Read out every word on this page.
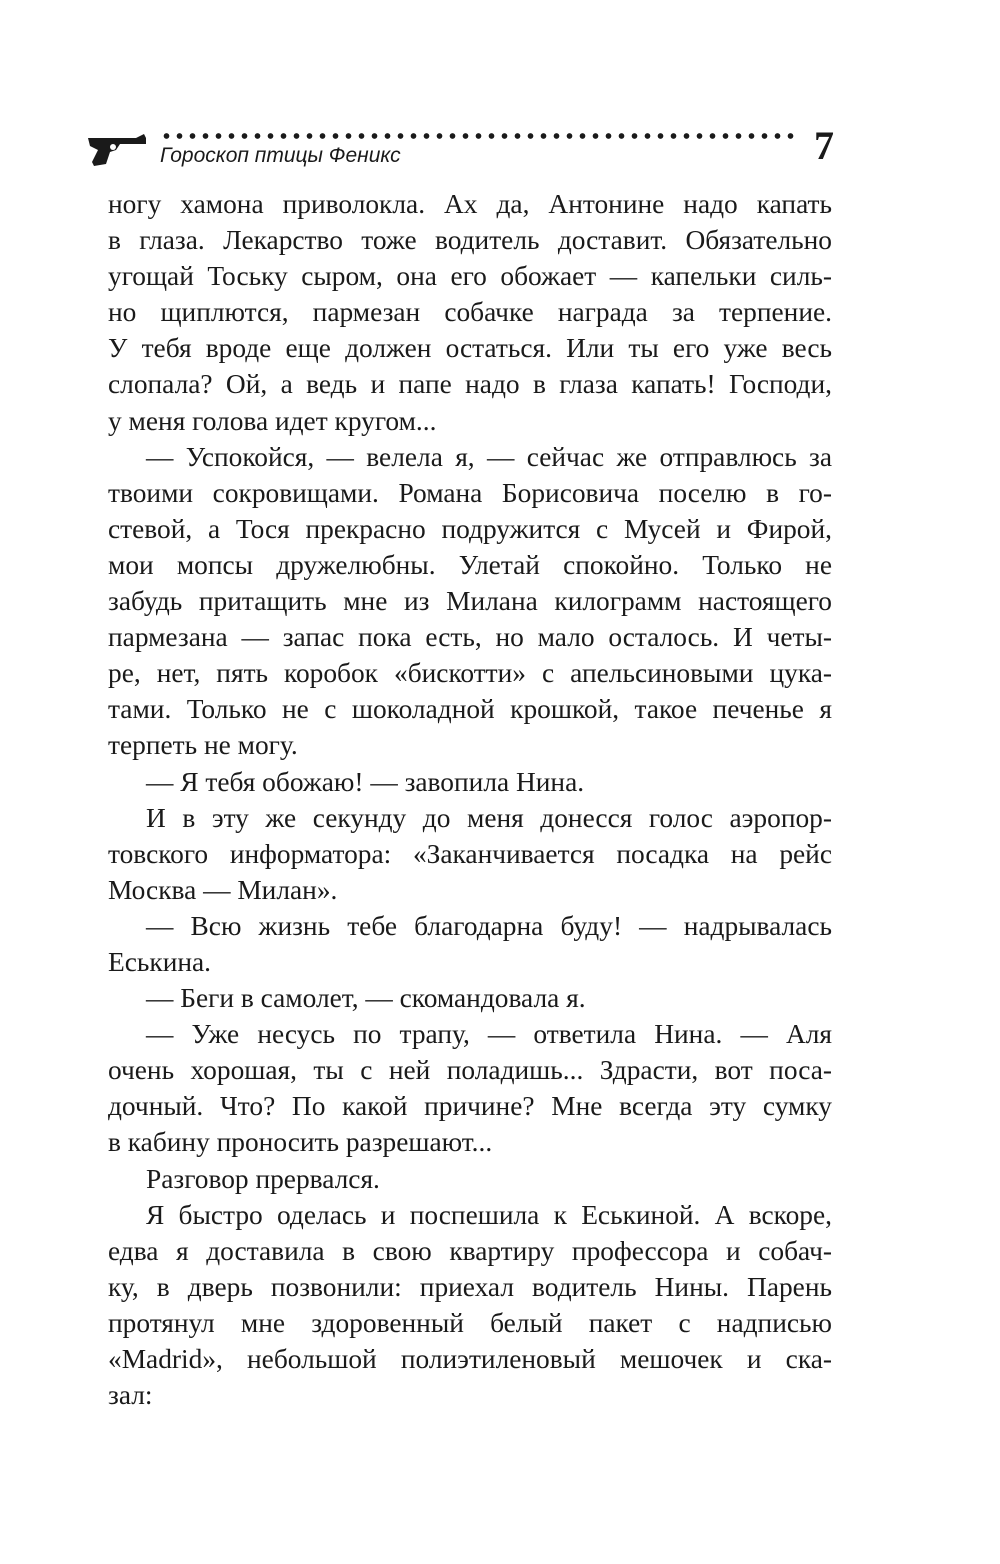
Гороскоп птицы Феникс	7

ногу хамона приволокла. Ах да, Антонине надо капать
в глаза. Лекарство тоже водитель доставит. Обязательно
угощай Тоську сыром, она его обожает — капельки силь-
но щиплются, пармезан собачке награда за терпение.
У тебя вроде еще должен остаться. Или ты его уже весь
слопала? Ой, а ведь и папе надо в глаза капать! Господи,
у меня голова идет кругом...

— Успокойся, — велела я, — сейчас же отправлюсь за
твоими сокровищами. Романа Борисовича поселю в го-
стевой, а Тося прекрасно подружится с Мусей и Фирой,
мои мопсы дружелюбны. Улетай спокойно. Только не
забудь притащить мне из Милана килограмм настоящего
пармезана — запас пока есть, но мало осталось. И четы-
ре, нет, пять коробок «бискотти» с апельсиновыми цука-
тами. Только не с шоколадной крошкой, такое печенье я
терпеть не могу.

— Я тебя обожаю! — завопила Нина.

И в эту же секунду до меня донесся голос аэропор-
товского информатора: «Заканчивается посадка на рейс
Москва — Милан».

— Всю жизнь тебе благодарна буду! — надрывалась
Еськина.

— Беги в самолет, — скомандовала я.

— Уже несусь по трапу, — ответила Нина. — Аля
очень хорошая, ты с ней поладишь... Здрасти, вот поса-
дочный. Что? По какой причине? Мне всегда эту сумку
в кабину проносить разрешают...

Разговор прервался.

Я быстро оделась и поспешила к Еськиной. А вскоре,
едва я доставила в свою квартиру профессора и собач-
ку, в дверь позвонили: приехал водитель Нины. Парень
протянул мне здоровенный белый пакет с надписью
«Madrid», небольшой полиэтиленовый мешочек и ска-
зал:
